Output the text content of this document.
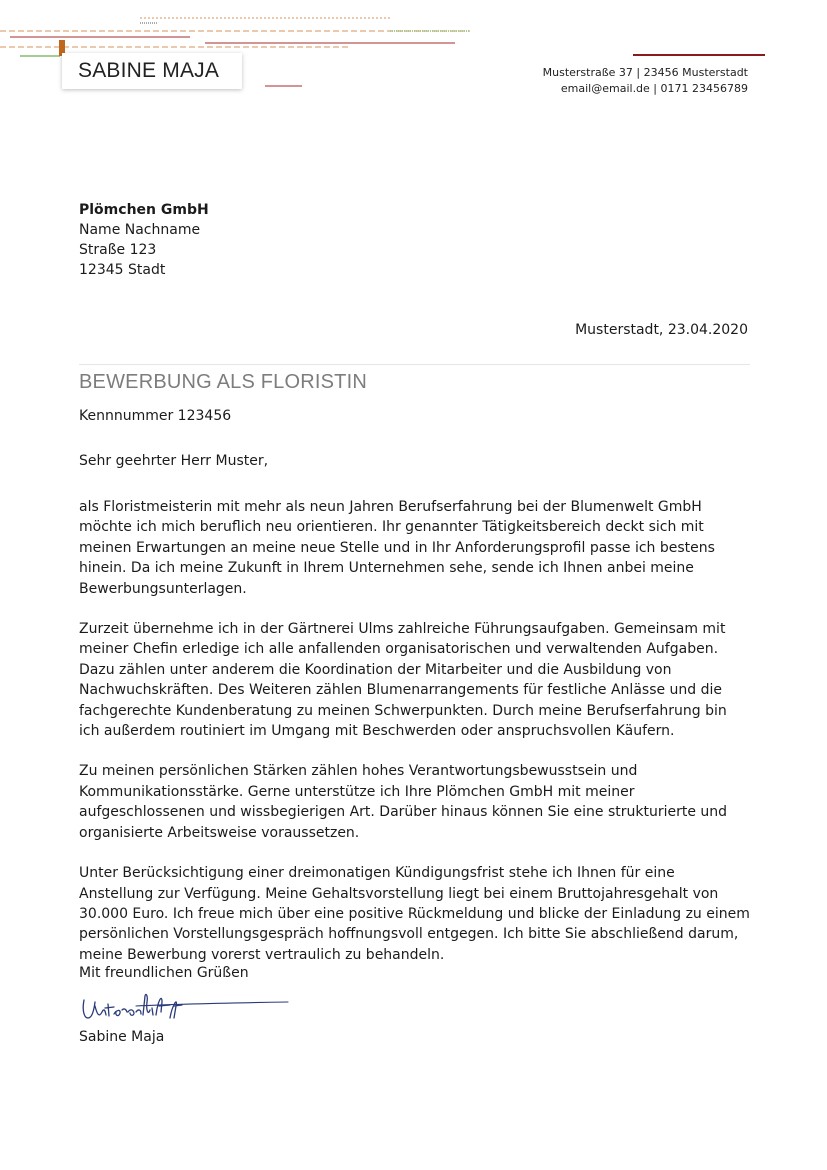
SABINE MAJA	Musterstraße 37 | 23456 Musterstadt
email@email.de | 0171 23456789
Plömchen GmbH
Name Nachname
Straße 123
12345 Stadt
Musterstadt, 23.04.2020
BEWERBUNG ALS FLORISTIN
Kennnummer 123456
Sehr geehrter Herr Muster,

als Floristmeisterin mit mehr als neun Jahren Berufserfahrung bei der Blumenwelt GmbH möchte ich mich beruflich neu orientieren. Ihr genannter Tätigkeitsbereich deckt sich mit meinen Erwartungen an meine neue Stelle und in Ihr Anforderungsprofil passe ich bestens hinein. Da ich meine Zukunft in Ihrem Unternehmen sehe, sende ich Ihnen anbei meine Bewerbungsunterlagen.

Zurzeit übernehme ich in der Gärtnerei Ulms zahlreiche Führungsaufgaben. Gemeinsam mit meiner Chefin erledige ich alle anfallenden organisatorischen und verwaltenden Aufgaben. Dazu zählen unter anderem die Koordination der Mitarbeiter und die Ausbildung von Nachwuchskräften. Des Weiteren zählen Blumenarrangements für festliche Anlässe und die fachgerechte Kundenberatung zu meinen Schwerpunkten. Durch meine Berufserfahrung bin ich außerdem routiniert im Umgang mit Beschwerden oder anspruchsvollen Käufern.

Zu meinen persönlichen Stärken zählen hohes Verantwortungsbewusstsein und Kommunikationsstärke. Gerne unterstütze ich Ihre Plömchen GmbH mit meiner aufgeschlossenen und wissbegierigen Art. Darüber hinaus können Sie eine strukturierte und organisierte Arbeitsweise voraussetzen.

Unter Berücksichtigung einer dreimonatigen Kündigungsfrist stehe ich Ihnen für eine Anstellung zur Verfügung. Meine Gehaltsvorstellung liegt bei einem Bruttojahresgehalt von 30.000 Euro. Ich freue mich über eine positive Rückmeldung und blicke der Einladung zu einem persönlichen Vorstellungsgespräch hoffnungsvoll entgegen. Ich bitte Sie abschließend darum, meine Bewerbung vorerst vertraulich zu behandeln.

Mit freundlichen Grüßen
Sabine Maja
